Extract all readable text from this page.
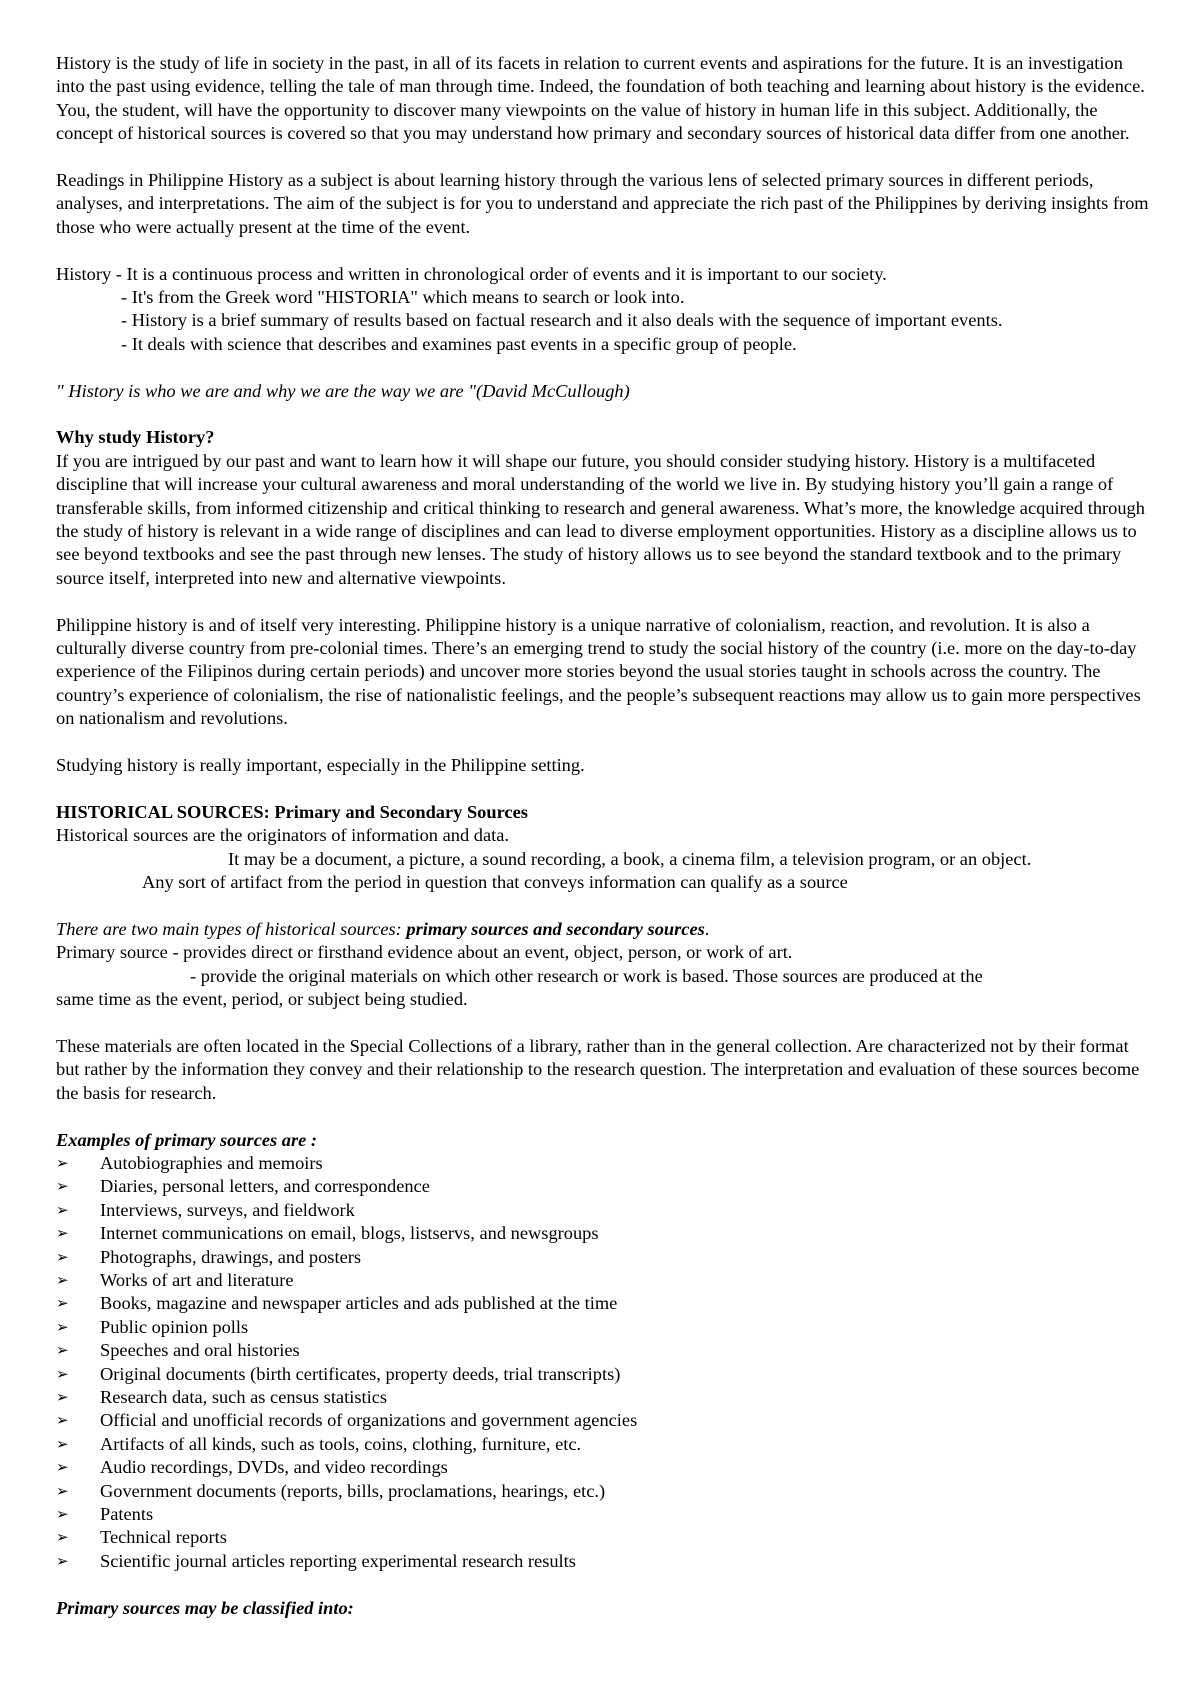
History is the study of life in society in the past, in all of its facets in relation to current events and aspirations for the future. It is an investigation into the past using evidence, telling the tale of man through time. Indeed, the foundation of both teaching and learning about history is the evidence. You, the student, will have the opportunity to discover many viewpoints on the value of history in human life in this subject. Additionally, the concept of historical sources is covered so that you may understand how primary and secondary sources of historical data differ from one another.

Readings in Philippine History as a subject is about learning history through the various lens of selected primary sources in different periods, analyses, and interpretations. The aim of the subject is for you to understand and appreciate the rich past of the Philippines by deriving insights from those who were actually present at the time of the event.

History - It is a continuous process and written in chronological order of events and it is important to our society.

- It's from the Greek word "HISTORIA" which means to search or look into.

- History is a brief summary of results based on factual research and it also deals with the sequence of important events.

- It deals with science that describes and examines past events in a specific group of people.

" History is who we are and why we are the way we are "(David McCullough)

Why study History?

If you are intrigued by our past and want to learn how it will shape our future, you should consider studying history. History is a multifaceted discipline that will increase your cultural awareness and moral understanding of the world we live in. By studying history you’ll gain a range of transferable skills, from informed citizenship and critical thinking to research and general awareness. What’s more, the knowledge acquired through the study of history is relevant in a wide range of disciplines and can lead to diverse employment opportunities. History as a discipline allows us to see beyond textbooks and see the past through new lenses. The study of history allows us to see beyond the standard textbook and to the primary source itself, interpreted into new and alternative viewpoints.

Philippine history is and of itself very interesting. Philippine history is a unique narrative of colonialism, reaction, and revolution. It is also a culturally diverse country from pre-colonial times. There’s an emerging trend to study the social history of the country (i.e. more on the day-to-day experience of the Filipinos during certain periods) and uncover more stories beyond the usual stories taught in schools across the country. The country’s experience of colonialism, the rise of nationalistic feelings, and the people’s subsequent reactions may allow us to gain more perspectives on nationalism and revolutions.

Studying history is really important, especially in the Philippine setting.

HISTORICAL SOURCES: Primary and Secondary Sources

Historical sources are the originators of information and data.

It may be a document, a picture, a sound recording, a book, a cinema film, a television program, or an object.

Any sort of artifact from the period in question that conveys information can qualify as a source

There are two main types of historical sources: primary sources and secondary sources.

Primary source - provides direct or firsthand evidence about an event, object, person, or work of art.

- provide the original materials on which other research or work is based. Those sources are produced at the

same time as the event, period, or subject being studied.

These materials are often located in the Special Collections of a library, rather than in the general collection. Are characterized not by their format but rather by the information they convey and their relationship to the research question. The interpretation and evaluation of these sources become the basis for research.

Examples of primary sources are :

➢ Autobiographies and memoirs
➢ Diaries, personal letters, and correspondence
➢ Interviews, surveys, and fieldwork
➢ Internet communications on email, blogs, listservs, and newsgroups
➢ Photographs, drawings, and posters
➢ Works of art and literature
➢ Books, magazine and newspaper articles and ads published at the time
➢ Public opinion polls
➢ Speeches and oral histories
➢ Original documents (birth certificates, property deeds, trial transcripts)
➢ Research data, such as census statistics
➢ Official and unofficial records of organizations and government agencies
➢ Artifacts of all kinds, such as tools, coins, clothing, furniture, etc.
➢ Audio recordings, DVDs, and video recordings
➢ Government documents (reports, bills, proclamations, hearings, etc.)
➢ Patents
➢ Technical reports
➢ Scientific journal articles reporting experimental research results

Primary sources may be classified into:
